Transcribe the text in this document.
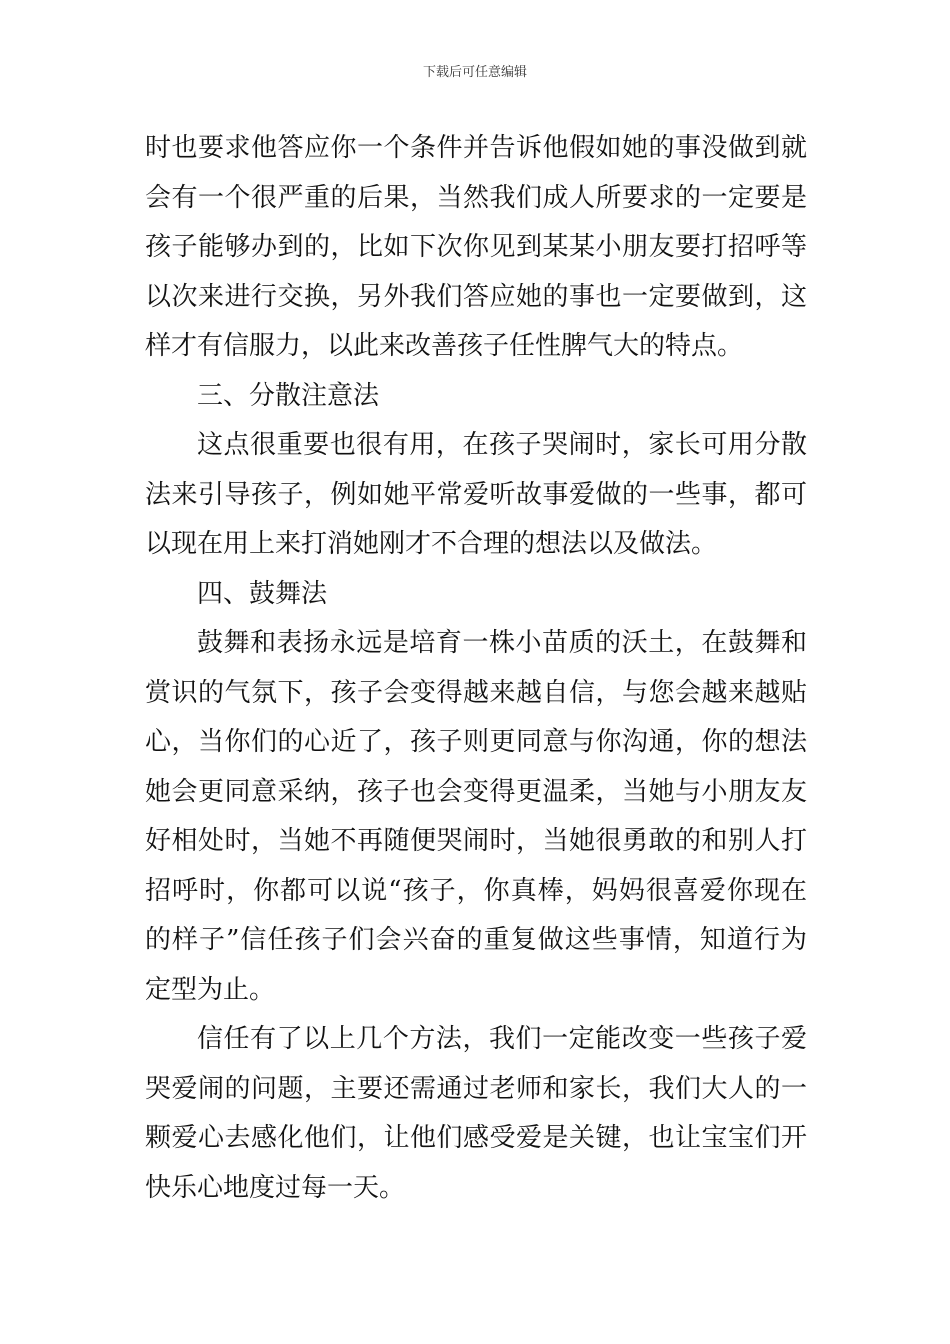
下载后可任意编辑
时也要求他答应你一个条件并告诉他假如她的事没做到就
会有一个很严重的后果，当然我们成人所要求的一定要是
孩子能够办到的，比如下次你见到某某小朋友要打招呼等
以次来进行交换，另外我们答应她的事也一定要做到，这
样才有信服力，以此来改善孩子任性脾气大的特点。
三、分散注意法
这点很重要也很有用，在孩子哭闹时，家长可用分散
法来引导孩子，例如她平常爱听故事爱做的一些事，都可
以现在用上来打消她刚才不合理的想法以及做法。
四、鼓舞法
鼓舞和表扬永远是培育一株小苗质的沃土，在鼓舞和
赏识的气氛下，孩子会变得越来越自信，与您会越来越贴
心，当你们的心近了，孩子则更同意与你沟通，你的想法
她会更同意采纳，孩子也会变得更温柔，当她与小朋友友
好相处时，当她不再随便哭闹时，当她很勇敢的和别人打
招呼时，你都可以说“孩子，你真棒，妈妈很喜爱你现在
的样子”信任孩子们会兴奋的重复做这些事情，知道行为
定型为止。
信任有了以上几个方法，我们一定能改变一些孩子爱
哭爱闹的问题，主要还需通过老师和家长，我们大人的一
颗爱心去感化他们，让他们感受爱是关键，也让宝宝们开
快乐心地度过每一天。
